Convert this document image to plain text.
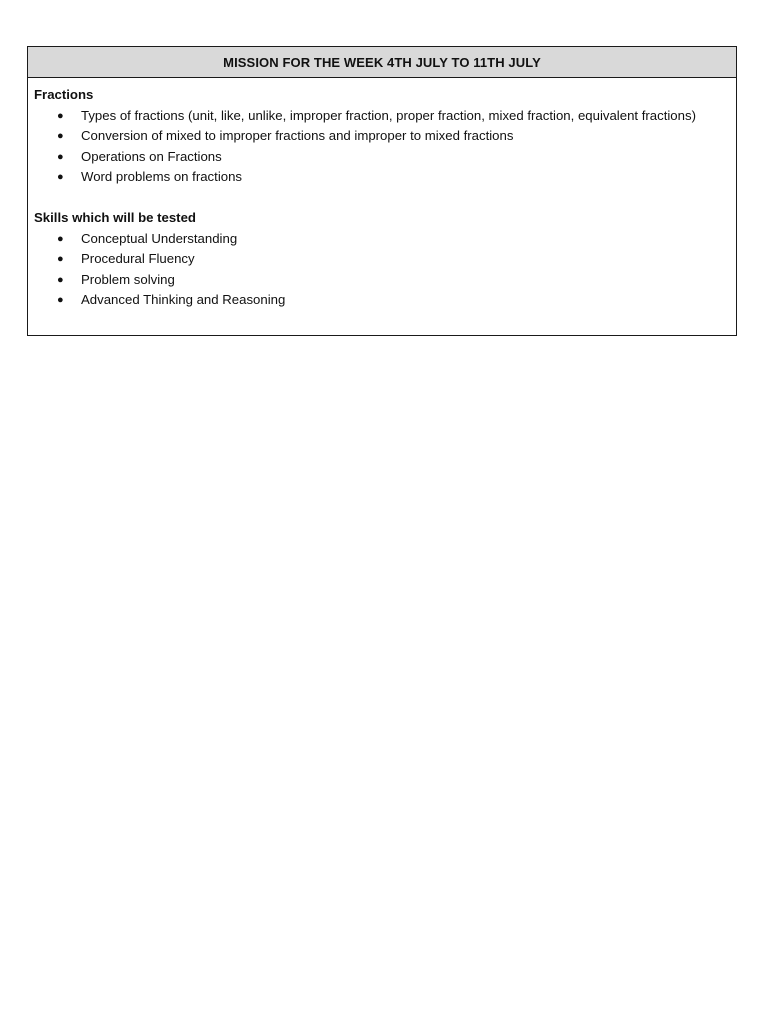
MISSION FOR THE WEEK 4TH JULY TO 11TH JULY

Fractions

● Types of fractions (unit, like, unlike, improper fraction, proper fraction, mixed fraction, equivalent fractions)
● Conversion of mixed to improper fractions and improper to mixed fractions
● Operations on Fractions
● Word problems on fractions

Skills which will be tested

● Conceptual Understanding
● Procedural Fluency
● Problem solving
● Advanced Thinking and Reasoning
